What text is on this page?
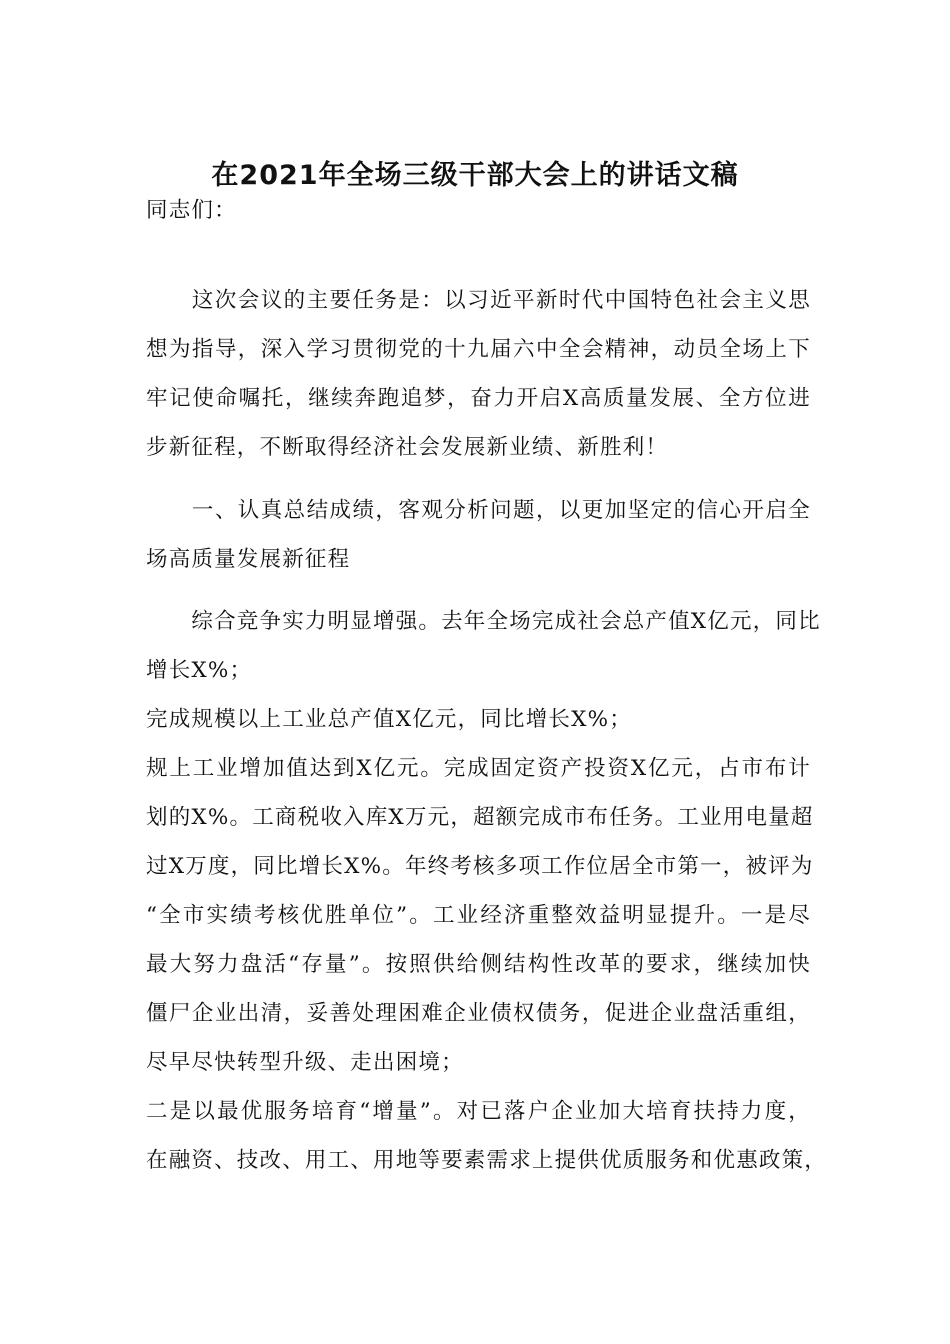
在2021年全场三级干部大会上的讲话文稿
同志们：
　　这次会议的主要任务是：以习近平新时代中国特色社会主义思
想为指导，深入学习贯彻党的十九届六中全会精神，动员全场上下
牢记使命嘱托，继续奔跑追梦，奋力开启X高质量发展、全方位进
步新征程，不断取得经济社会发展新业绩、新胜利！
　　一、认真总结成绩，客观分析问题，以更加坚定的信心开启全
场高质量发展新征程
　　综合竞争实力明显增强。去年全场完成社会总产值X亿元，同比
增长X%；
完成规模以上工业总产值X亿元，同比增长X%；
规上工业增加值达到X亿元。完成固定资产投资X亿元，占市布计
划的X%。工商税收入库X万元，超额完成市布任务。工业用电量超
过X万度，同比增长X%。年终考核多项工作位居全市第一，被评为
“全市实绩考核优胜单位”。工业经济重整效益明显提升。一是尽
最大努力盘活“存量”。按照供给侧结构性改革的要求，继续加快
僵尸企业出清，妥善处理困难企业债权债务，促进企业盘活重组，
尽早尽快转型升级、走出困境；
二是以最优服务培育“增量”。对已落户企业加大培育扶持力度，
在融资、技改、用工、用地等要素需求上提供优质服务和优惠政策，
